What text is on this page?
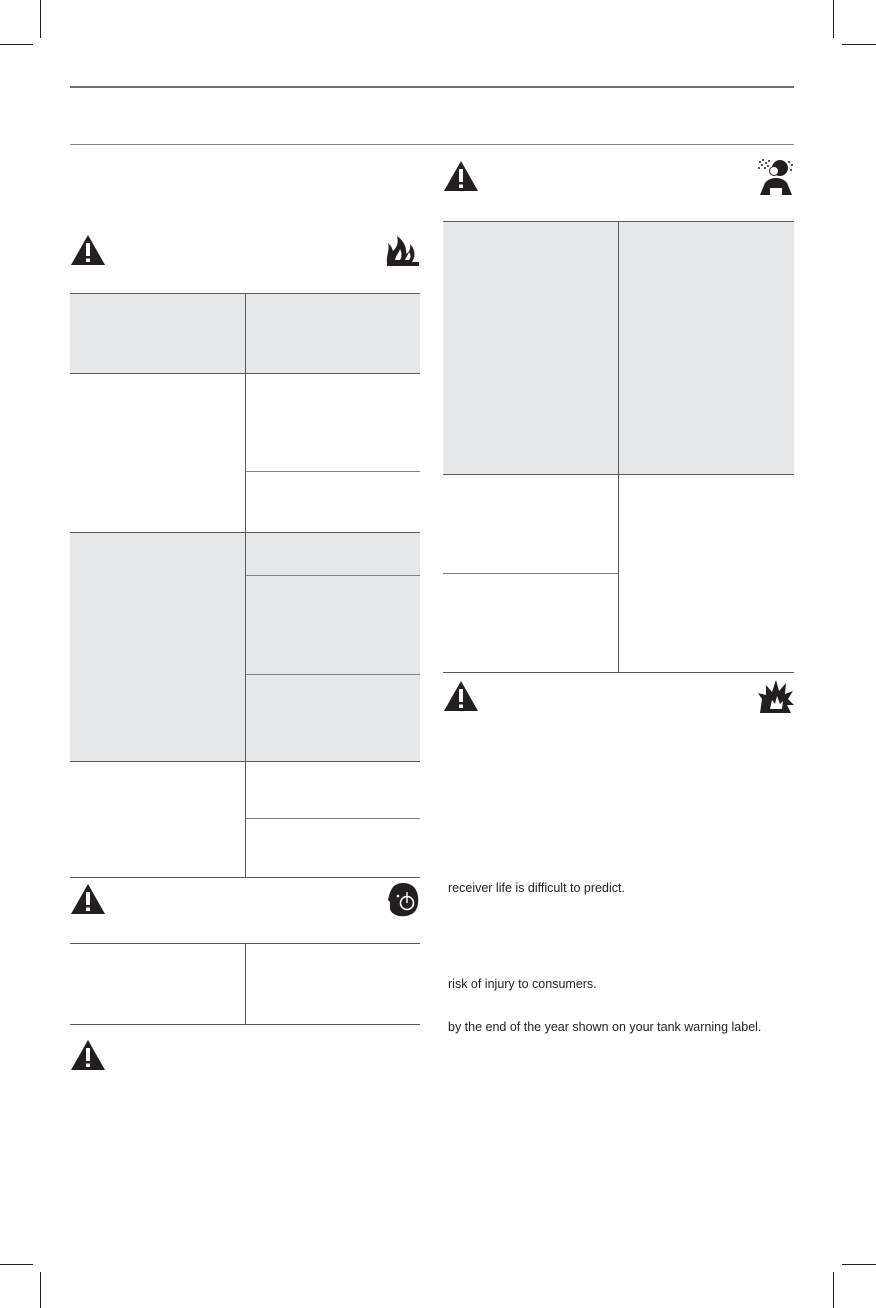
receiver life is difficult to predict.
risk of injury to consumers.
by the end of the year shown on your tank warning label.
